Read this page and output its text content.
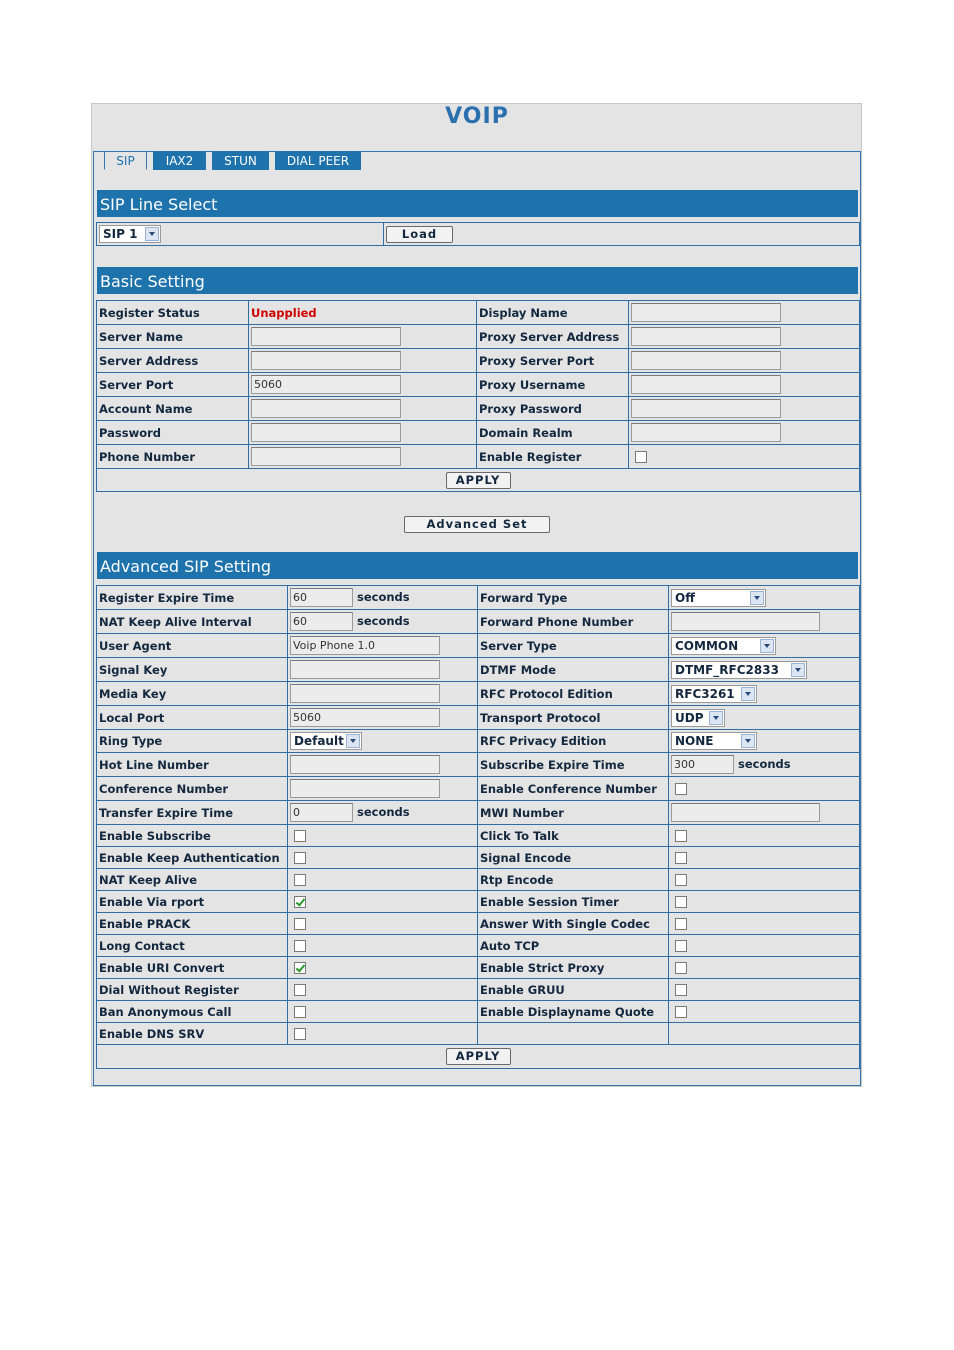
VOIP
SIP	IAX2	STUN	DIAL PEER
SIP Line Select
SIP 1	Load
Basic Setting
Register Status	Unapplied	Display Name	
Server Name		Proxy Server Address	
Server Address		Proxy Server Port	
Server Port	5060	Proxy Username	
Account Name		Proxy Password	
Password		Domain Realm	
Phone Number		Enable Register	
APPLY			
Advanced Set
Advanced SIP Setting
Register Expire Time	60 seconds	Forward Type	Off

NAT Keep Alive Interval	60 seconds	Forward Phone Number	
User Agent	Voip Phone 1.0	Server Type	COMMON

Signal Key		DTMF Mode	DTMF_RFC2833

Media Key		RFC Protocol Edition	RFC3261

Local Port	5060	Transport Protocol	UDP

Ring Type	Default	RFC Privacy Edition	NONE

Hot Line Number		Subscribe Expire Time	300 seconds
Conference Number		Enable Conference Number	
Transfer Expire Time	0 seconds	MWI Number	
Enable Subscribe		Click To Talk	
Enable Keep Authentication		Signal Encode	
NAT Keep Alive		Rtp Encode	
Enable Via rport		Enable Session Timer	
Enable PRACK		Answer With Single Codec	
Long Contact		Auto TCP	
Enable URI Convert		Enable Strict Proxy	
Dial Without Register		Enable GRUU	
Ban Anonymous Call		Enable Displayname Quote	
Enable DNS SRV			
APPLY			
